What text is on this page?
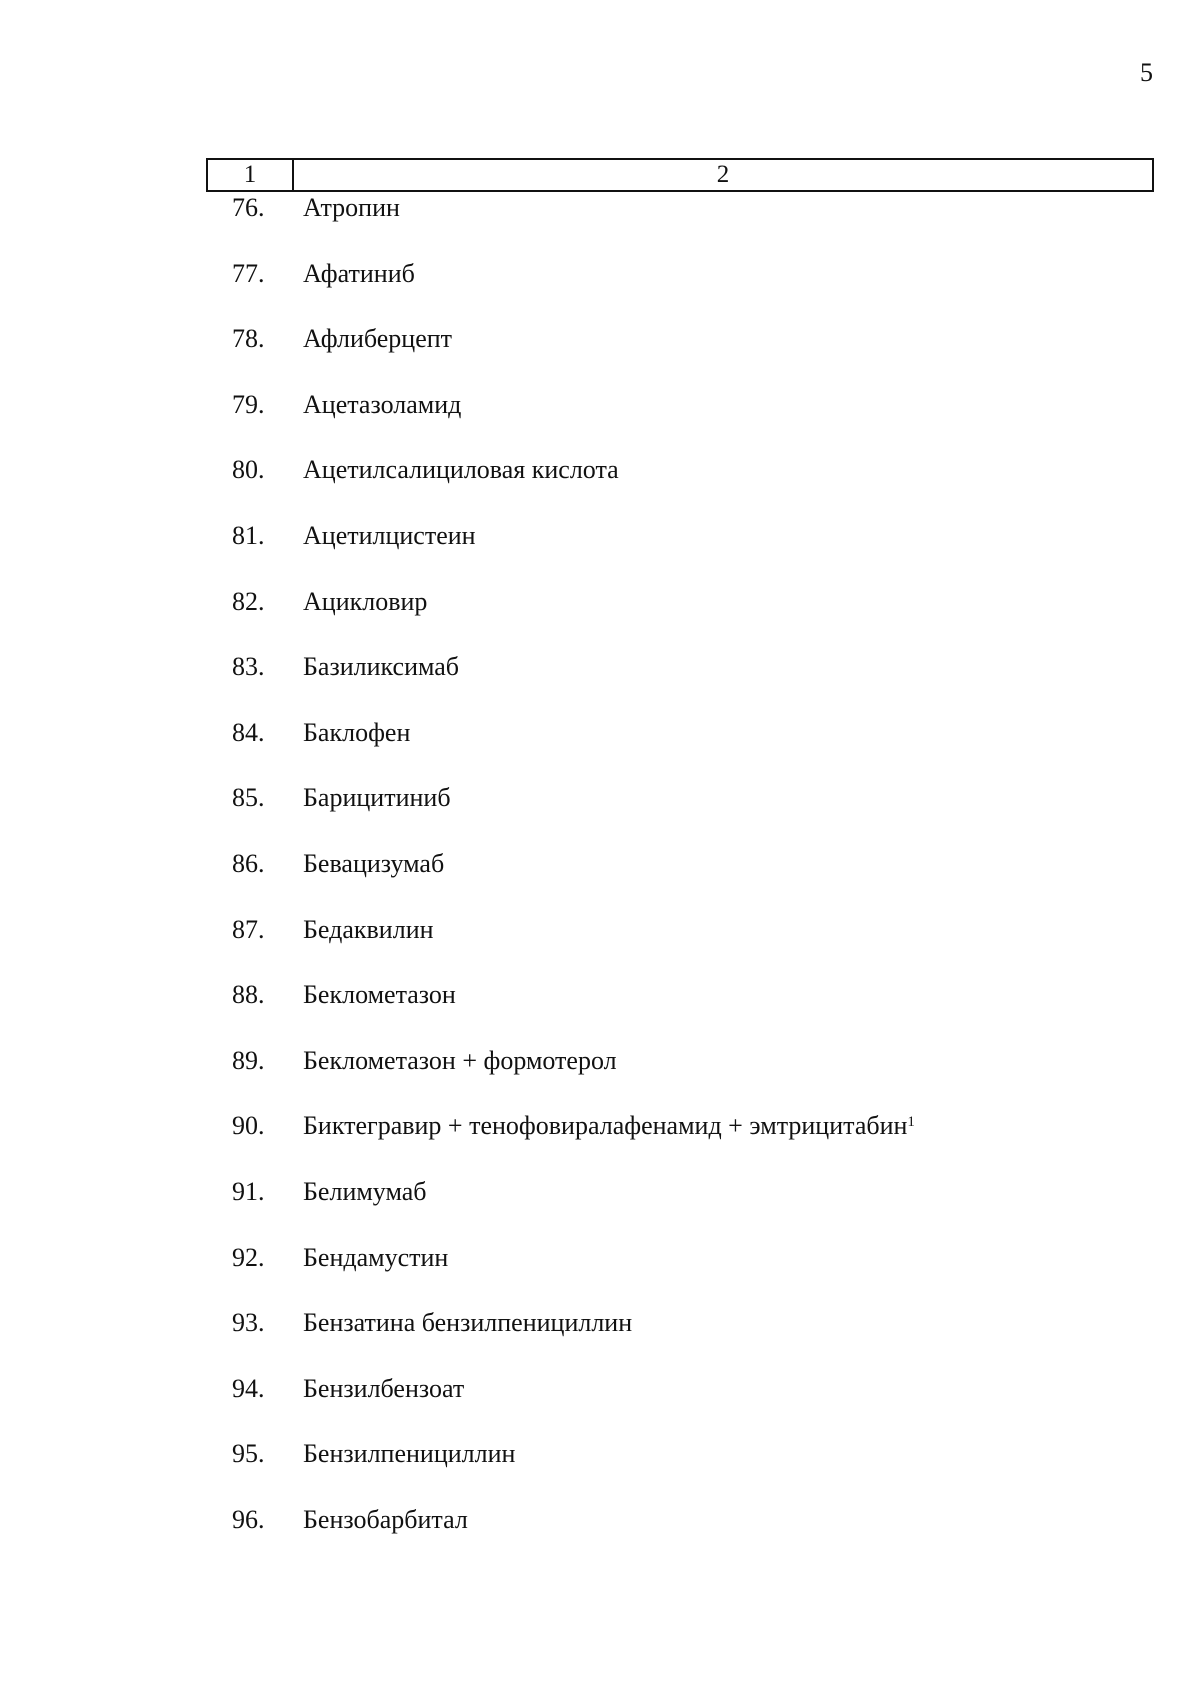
5
1	2
76. Атропин
77. Афатиниб
78. Афлиберцепт
79. Ацетазоламид
80. Ацетилсалициловая кислота
81. Ацетилцистеин
82. Ацикловир
83. Базиликсимаб
84. Баклофен
85. Барицитиниб
86. Бевацизумаб
87. Бедаквилин
88. Беклометазон
89. Беклометазон + формотерол
90. Биктегравир + тенофовиралафенамид + эмтрицитабин$^1$
91. Белимумаб
92. Бендамустин
93. Бензатина бензилпенициллин
94. Бензилбензоат
95. Бензилпенициллин
96. Бензобарбитал
